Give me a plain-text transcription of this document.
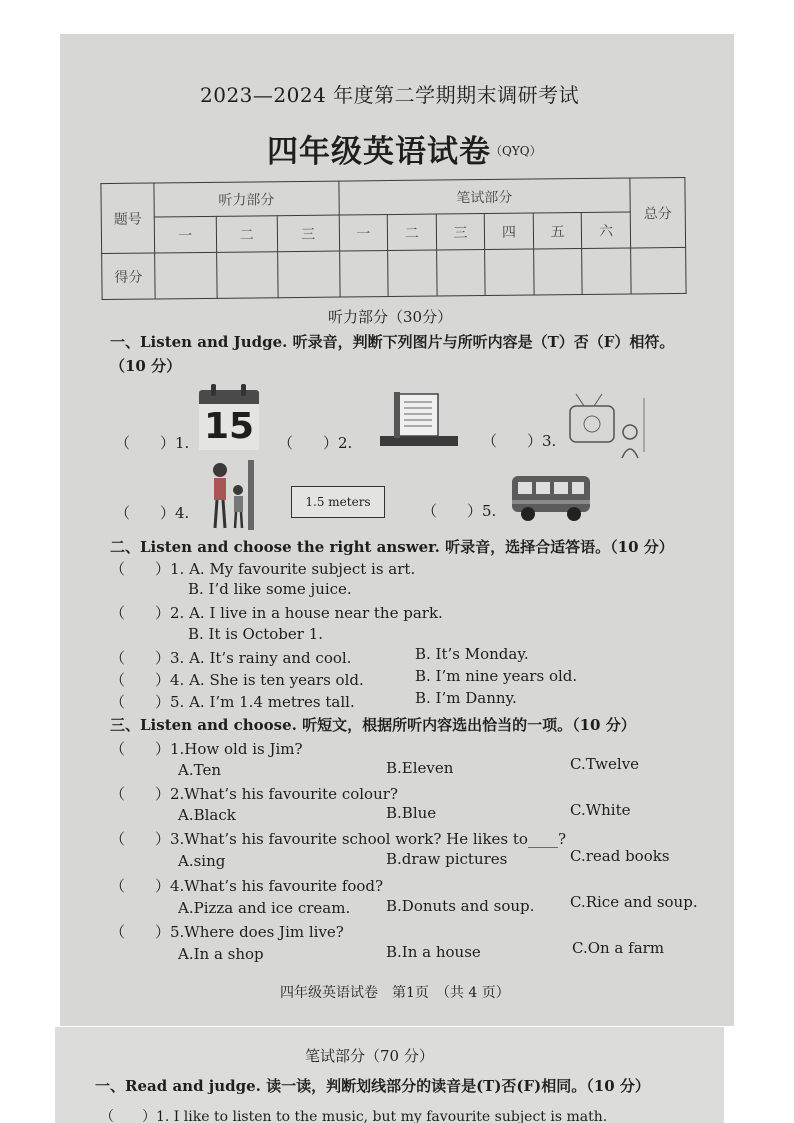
2023—2024 年度第二学期期末调研考试
四年级英语试卷 （QYQ）
题号	听力部分			笔试部分						总分
	一	二	三	一	二	三	四	五	六	
得分										
听力部分（30分）
一、Listen and Judge. 听录音，判断下列图片与所听内容是（T）否（F）相符。（10 分）
（　　）1. 15	（　　）2.	（　　）3.
（　　）4.
1.5 meters	（　　）5.
二、Listen and choose the right answer. 听录音，选择合适答语。（10 分）
（　　）1. A. My favourite subject is art.
B. I’d like some juice.
（　　）2. A. I live in a house near the park.
B. It is October 1.
（　　）3. A. It’s rainy and cool.	B. It’s Monday.
（　　）4. A. She is ten years old.	B. I’m nine years old.
（　　）5. A. I’m 1.4 metres tall.	B. I’m Danny.
三、Listen and choose. 听短文，根据所听内容选出恰当的一项。（10 分）
（　　）1.How old is Jim?
A.Ten	B.Eleven	C.Twelve
（　　）2.What’s his favourite colour?
A.Black	B.Blue	C.White
（　　）3.What’s his favourite school work? He likes to____?
A.sing	B.draw pictures	C.read books
（　　）4.What’s his favourite food?
A.Pizza and ice cream. B.Donuts and soup. C.Rice and soup.
（　　）5.Where does Jim live?
A.In a shop	B.In a house	C.On a farm
四年级英语试卷　第1页　（共 4 页）
笔试部分（70 分）
一、Read and judge. 读一读，判断划线部分的读音是(T)否(F)相同。（10 分）
（　　）1. I like to listen to the music, but my favourite subject is math.
